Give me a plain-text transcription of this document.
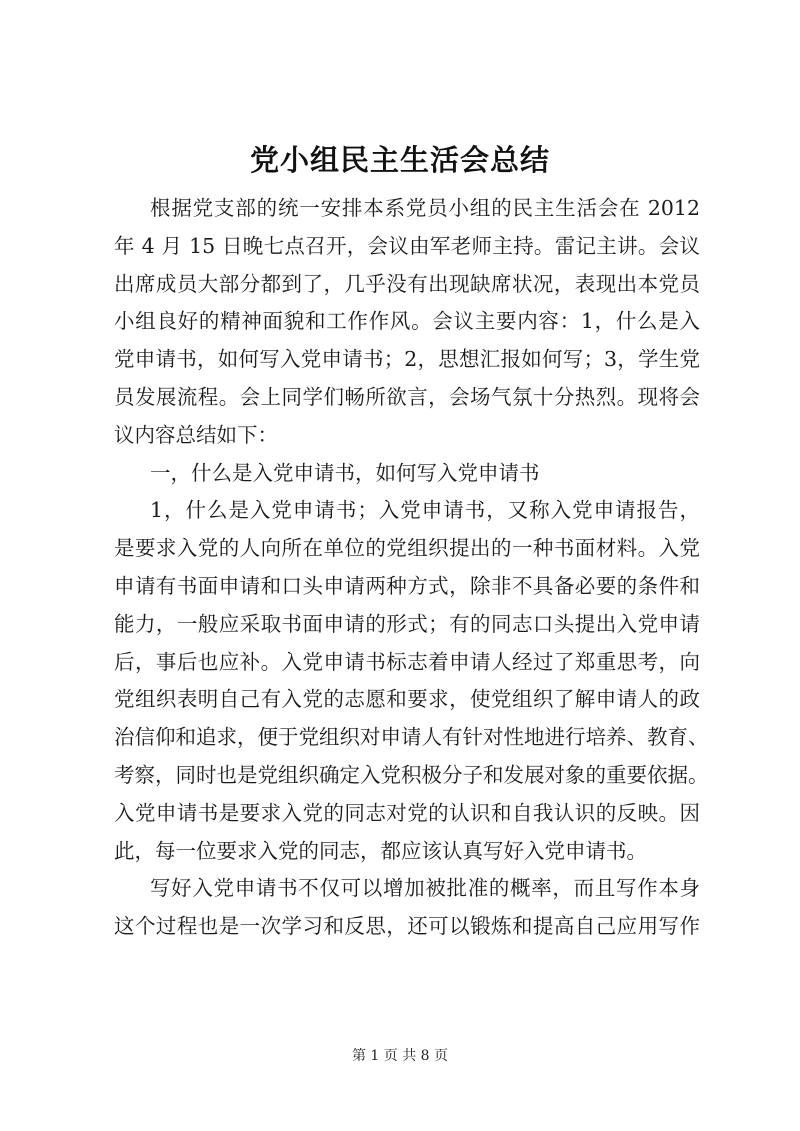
党小组民主生活会总结
根据党支部的统一安排本系党员小组的民主生活会在 2012
年 4 月 15 日晚七点召开，会议由军老师主持。雷记主讲。会议
出席成员大部分都到了，几乎没有出现缺席状况，表现出本党员
小组良好的精神面貌和工作作风。会议主要内容：1，什么是入
党申请书，如何写入党申请书；2，思想汇报如何写；3，学生党
员发展流程。会上同学们畅所欲言，会场气氛十分热烈。现将会
议内容总结如下：
一，什么是入党申请书，如何写入党申请书
1，什么是入党申请书；入党申请书，又称入党申请报告，
是要求入党的人向所在单位的党组织提出的一种书面材料。入党
申请有书面申请和口头申请两种方式，除非不具备必要的条件和
能力，一般应采取书面申请的形式；有的同志口头提出入党申请
后，事后也应补。入党申请书标志着申请人经过了郑重思考，向
党组织表明自己有入党的志愿和要求，使党组织了解申请人的政
治信仰和追求，便于党组织对申请人有针对性地进行培养、教育、
考察，同时也是党组织确定入党积极分子和发展对象的重要依据。
入党申请书是要求入党的同志对党的认识和自我认识的反映。因
此，每一位要求入党的同志，都应该认真写好入党申请书。
写好入党申请书不仅可以增加被批准的概率，而且写作本身
这个过程也是一次学习和反思，还可以锻炼和提高自己应用写作
第 1 页 共 8 页
